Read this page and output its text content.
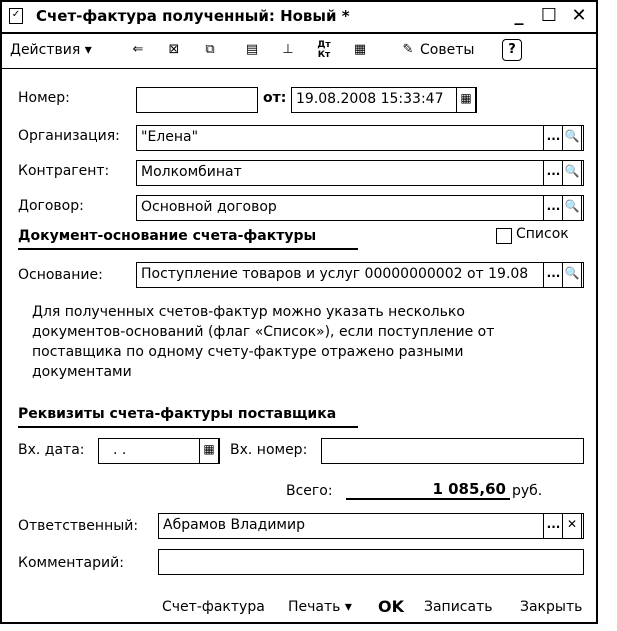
✓ Счет-фактура полученный: Новый *	_ ☐ ✕
Действия ▾	⇐	⊠	⧉	▤	⊥	Дт Кт ▦	✎ Советы	?
Номер:	от: 19.08.2008 15:33:47	▦
Организация: "Елена"	... 🔍
Контрагент: Молкомбинат	... 🔍
Договор:	Основной договор	... 🔍
Документ-основание счета-фактуры	Список
Основание:	Поступление товаров и услуг 00000000002 от 19.08	... 🔍
Для полученных счетов-фактур можно указать несколько документов-оснований (флаг «Список»), если поступление от поставщика по одному счету-фактуре отражено разными документами
Реквизиты счета-фактуры поставщика
Вх. дата: . .	▦	Вх. номер:
Всего:	1 085,60 руб.
Ответственный: Абрамов Владимир	... ✕
Комментарий:
Счет-фактура Печать ▾ OK Записать Закрыть
